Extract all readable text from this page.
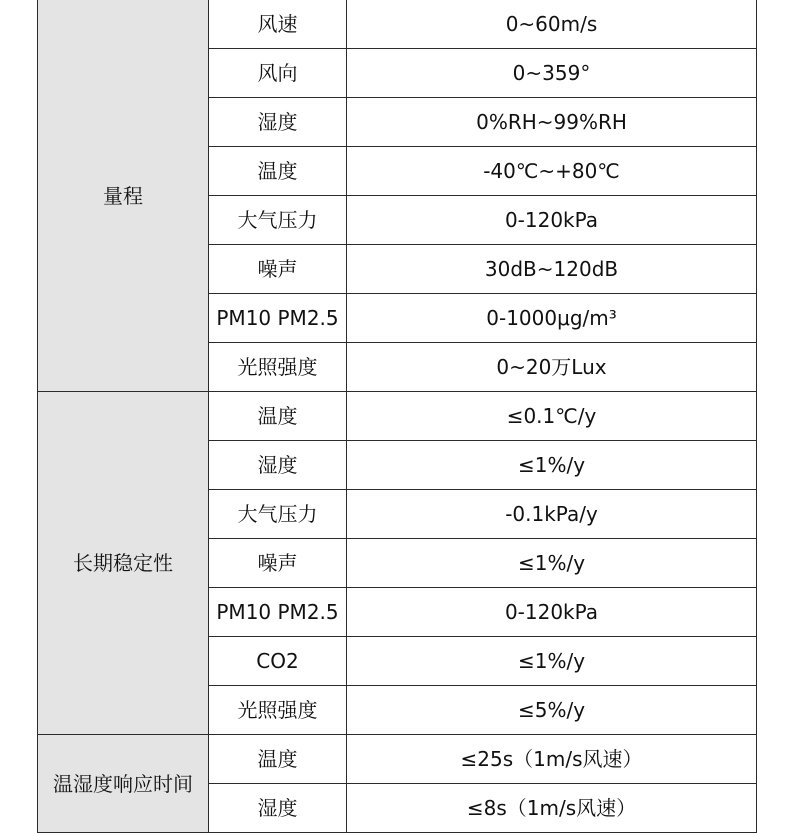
量程	风速	0~60m/s
	风向	0~359°
	湿度	0%RH~99%RH
	温度	-40℃~+80℃
	大气压力	0-120kPa
	噪声	30dB~120dB
	PM10 PM2.5	0-1000μg/m³
	光照强度	0~20万Lux
长期稳定性	温度	≤0.1℃/y
	湿度	≤1%/y
	大气压力	-0.1kPa/y
	噪声	≤1%/y
	PM10 PM2.5	0-120kPa
	CO2	≤1%/y
	光照强度	≤5%/y
温湿度响应时间	温度	≤25s（1m/s风速）
	湿度	≤8s（1m/s风速）
